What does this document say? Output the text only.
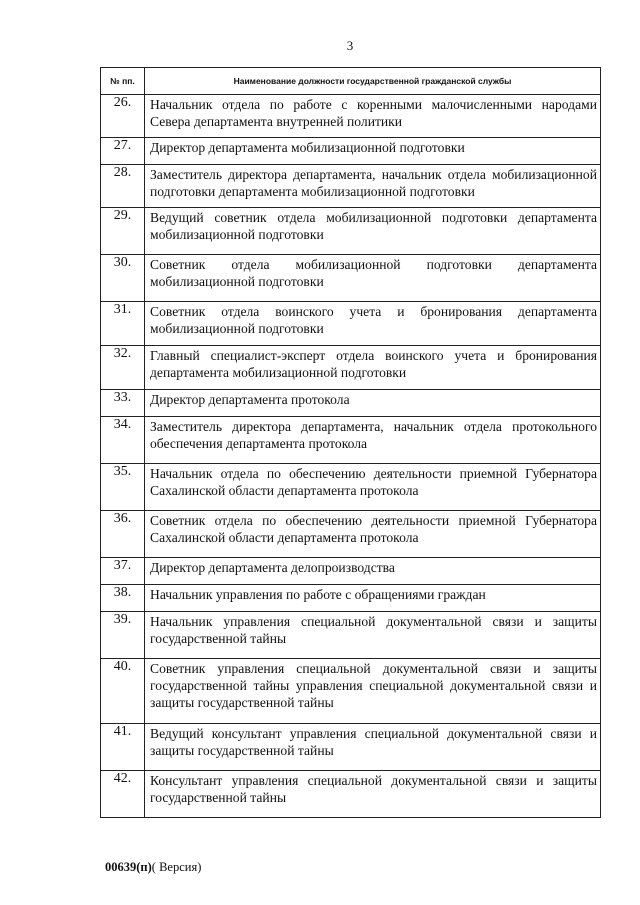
3
№ пп.	Наименование должности государственной гражданской службы
26.	Начальник отдела по работе с коренными малочисленными народами Севера департамента внутренней политики
27.	Директор департамента мобилизационной подготовки
28.	Заместитель директора департамента, начальник отдела мобилизационной подготовки департамента мобилизационной подготовки
29.	Ведущий советник отдела мобилизационной подготовки департамента мобилизационной подготовки
30.	Советник отдела мобилизационной подготовки департамента мобилизационной подготовки
31.	Советник отдела воинского учета и бронирования департамента мобилизационной подготовки
32.	Главный специалист-эксперт отдела воинского учета и бронирования департамента мобилизационной подготовки
33.	Директор департамента протокола
34.	Заместитель директора департамента, начальник отдела протокольного обеспечения департамента протокола
35.	Начальник отдела по обеспечению деятельности приемной Губернатора Сахалинской области департамента протокола
36.	Советник отдела по обеспечению деятельности приемной Губернатора Сахалинской области департамента протокола
37.	Директор департамента делопроизводства
38.	Начальник управления по работе с обращениями граждан
39.	Начальник управления специальной документальной связи и защиты государственной тайны
40.	Советник управления специальной документальной связи и защиты государственной тайны управления специальной документальной связи и защиты государственной тайны
41.	Ведущий консультант управления специальной документальной связи и защиты государственной тайны
42.	Консультант управления специальной документальной связи и защиты государственной тайны
00639(п)( Версия)
